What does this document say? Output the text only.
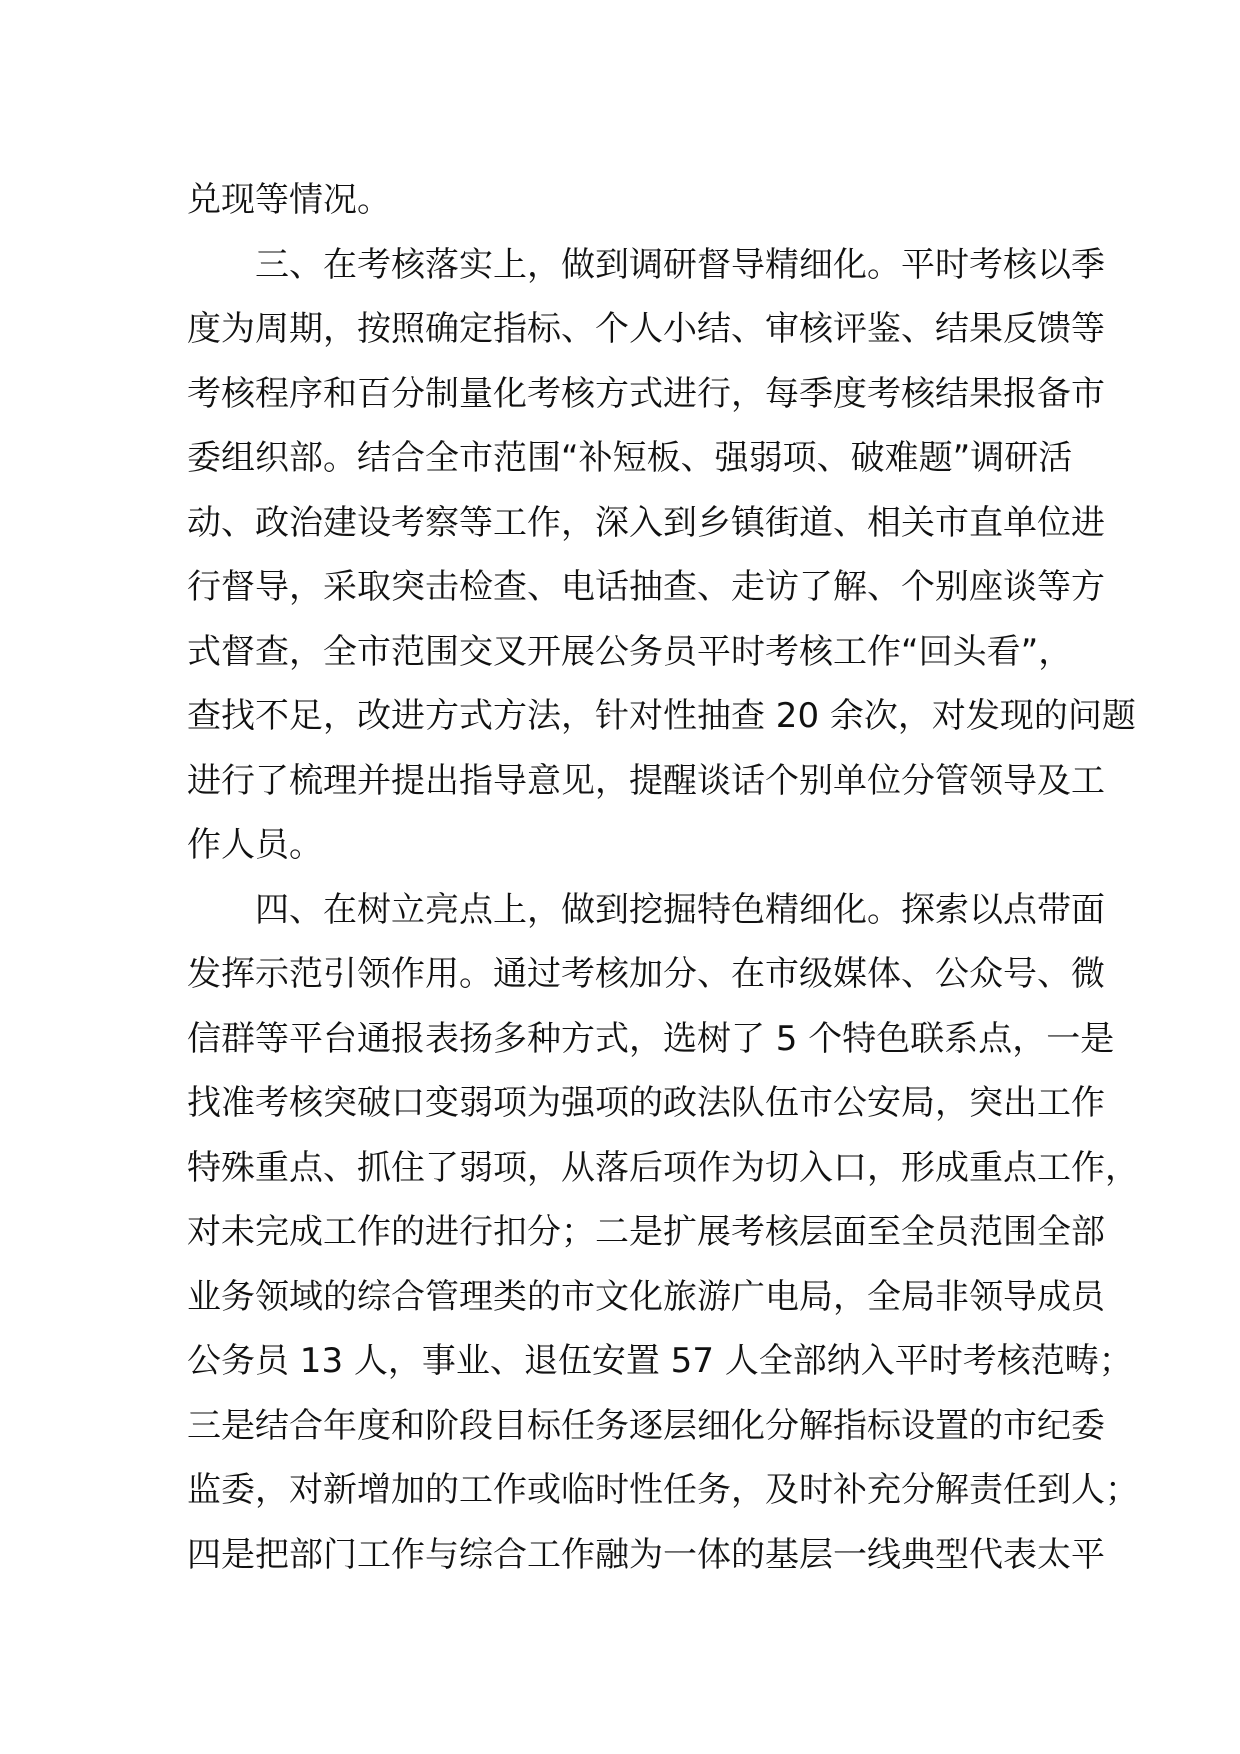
兑现等情况。
　　三、在考核落实上，做到调研督导精细化。平时考核以季
度为周期，按照确定指标、个人小结、审核评鉴、结果反馈等
考核程序和百分制量化考核方式进行，每季度考核结果报备市
委组织部。结合全市范围“补短板、强弱项、破难题”调研活
动、政治建设考察等工作，深入到乡镇街道、相关市直单位进
行督导，采取突击检查、电话抽查、走访了解、个别座谈等方
式督查，全市范围交叉开展公务员平时考核工作“回头看”，
查找不足，改进方式方法，针对性抽查 20 余次，对发现的问题
进行了梳理并提出指导意见，提醒谈话个别单位分管领导及工
作人员。
　　四、在树立亮点上，做到挖掘特色精细化。探索以点带面
发挥示范引领作用。通过考核加分、在市级媒体、公众号、微
信群等平台通报表扬多种方式，选树了 5 个特色联系点，一是
找准考核突破口变弱项为强项的政法队伍市公安局，突出工作
特殊重点、抓住了弱项，从落后项作为切入口，形成重点工作，
对未完成工作的进行扣分；二是扩展考核层面至全员范围全部
业务领域的综合管理类的市文化旅游广电局，全局非领导成员
公务员 13 人，事业、退伍安置 57 人全部纳入平时考核范畴；
三是结合年度和阶段目标任务逐层细化分解指标设置的市纪委
监委，对新增加的工作或临时性任务，及时补充分解责任到人；
四是把部门工作与综合工作融为一体的基层一线典型代表太平
